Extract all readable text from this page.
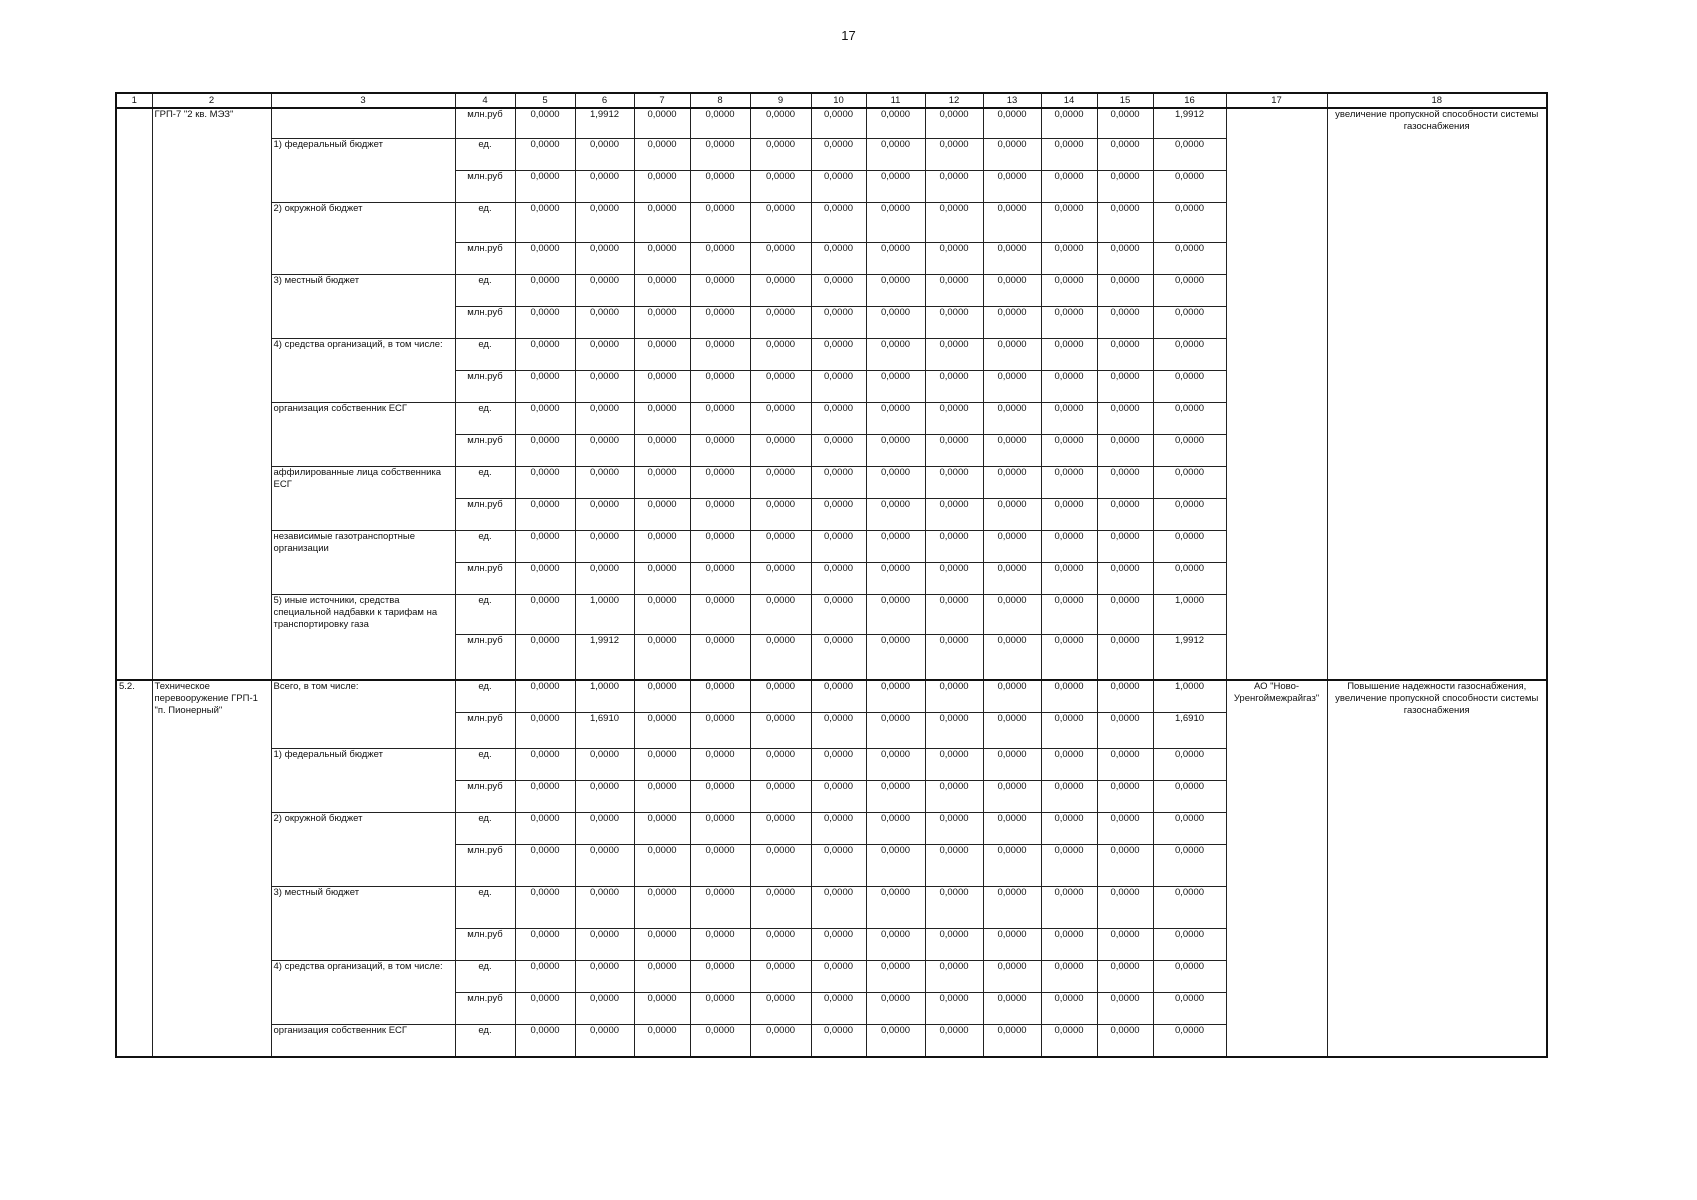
17
1	2	3	4	5	6	7	8	9	10	11	12	13	14	15	16	17	18
	ГРП-7 "2 кв. МЭЗ"		млн.руб	0,0000	1,9912	0,0000	0,0000	0,0000	0,0000	0,0000	0,0000	0,0000	0,0000	0,0000	1,9912		увеличение пропускной способности системы газоснабжения
		1) федеральный бюджет	ед.	0,0000	0,0000	0,0000	0,0000	0,0000	0,0000	0,0000	0,0000	0,0000	0,0000	0,0000	0,0000		
			млн.руб	0,0000	0,0000	0,0000	0,0000	0,0000	0,0000	0,0000	0,0000	0,0000	0,0000	0,0000	0,0000		
		2) окружной бюджет	ед.	0,0000	0,0000	0,0000	0,0000	0,0000	0,0000	0,0000	0,0000	0,0000	0,0000	0,0000	0,0000		
			млн.руб	0,0000	0,0000	0,0000	0,0000	0,0000	0,0000	0,0000	0,0000	0,0000	0,0000	0,0000	0,0000		
		3) местный бюджет	ед.	0,0000	0,0000	0,0000	0,0000	0,0000	0,0000	0,0000	0,0000	0,0000	0,0000	0,0000	0,0000		
			млн.руб	0,0000	0,0000	0,0000	0,0000	0,0000	0,0000	0,0000	0,0000	0,0000	0,0000	0,0000	0,0000		
		4) средства организаций, в том числе:	ед.	0,0000	0,0000	0,0000	0,0000	0,0000	0,0000	0,0000	0,0000	0,0000	0,0000	0,0000	0,0000		
			млн.руб	0,0000	0,0000	0,0000	0,0000	0,0000	0,0000	0,0000	0,0000	0,0000	0,0000	0,0000	0,0000		
		организация собственник ЕСГ	ед.	0,0000	0,0000	0,0000	0,0000	0,0000	0,0000	0,0000	0,0000	0,0000	0,0000	0,0000	0,0000		
			млн.руб	0,0000	0,0000	0,0000	0,0000	0,0000	0,0000	0,0000	0,0000	0,0000	0,0000	0,0000	0,0000		
		аффилированные лица собственника ЕСГ	ед.	0,0000	0,0000	0,0000	0,0000	0,0000	0,0000	0,0000	0,0000	0,0000	0,0000	0,0000	0,0000		
			млн.руб	0,0000	0,0000	0,0000	0,0000	0,0000	0,0000	0,0000	0,0000	0,0000	0,0000	0,0000	0,0000		
		независимые газотранспортные организации	ед.	0,0000	0,0000	0,0000	0,0000	0,0000	0,0000	0,0000	0,0000	0,0000	0,0000	0,0000	0,0000		
			млн.руб	0,0000	0,0000	0,0000	0,0000	0,0000	0,0000	0,0000	0,0000	0,0000	0,0000	0,0000	0,0000		
		5) иные источники, средства специальной надбавки к тарифам на транспортировку газа	ед.	0,0000	1,0000	0,0000	0,0000	0,0000	0,0000	0,0000	0,0000	0,0000	0,0000	0,0000	1,0000		
			млн.руб	0,0000	1,9912	0,0000	0,0000	0,0000	0,0000	0,0000	0,0000	0,0000	0,0000	0,0000	1,9912		
5.2.	Техническое перевооружение ГРП-1 "п. Пионерный"	Всего, в том числе:	ед.	0,0000	1,0000	0,0000	0,0000	0,0000	0,0000	0,0000	0,0000	0,0000	0,0000	0,0000	1,0000	АО "Ново-Уренгоймежрайгаз"	Повышение надежности газоснабжения, увеличение пропускной способности системы газоснабжения
			млн.руб	0,0000	1,6910	0,0000	0,0000	0,0000	0,0000	0,0000	0,0000	0,0000	0,0000	0,0000	1,6910		
		1) федеральный бюджет	ед.	0,0000	0,0000	0,0000	0,0000	0,0000	0,0000	0,0000	0,0000	0,0000	0,0000	0,0000	0,0000		
			млн.руб	0,0000	0,0000	0,0000	0,0000	0,0000	0,0000	0,0000	0,0000	0,0000	0,0000	0,0000	0,0000		
		2) окружной бюджет	ед.	0,0000	0,0000	0,0000	0,0000	0,0000	0,0000	0,0000	0,0000	0,0000	0,0000	0,0000	0,0000		
			млн.руб	0,0000	0,0000	0,0000	0,0000	0,0000	0,0000	0,0000	0,0000	0,0000	0,0000	0,0000	0,0000		
		3) местный бюджет	ед.	0,0000	0,0000	0,0000	0,0000	0,0000	0,0000	0,0000	0,0000	0,0000	0,0000	0,0000	0,0000		
			млн.руб	0,0000	0,0000	0,0000	0,0000	0,0000	0,0000	0,0000	0,0000	0,0000	0,0000	0,0000	0,0000		
		4) средства организаций, в том числе:	ед.	0,0000	0,0000	0,0000	0,0000	0,0000	0,0000	0,0000	0,0000	0,0000	0,0000	0,0000	0,0000		
			млн.руб	0,0000	0,0000	0,0000	0,0000	0,0000	0,0000	0,0000	0,0000	0,0000	0,0000	0,0000	0,0000		
		организация собственник ЕСГ	ед.	0,0000	0,0000	0,0000	0,0000	0,0000	0,0000	0,0000	0,0000	0,0000	0,0000	0,0000	0,0000		
